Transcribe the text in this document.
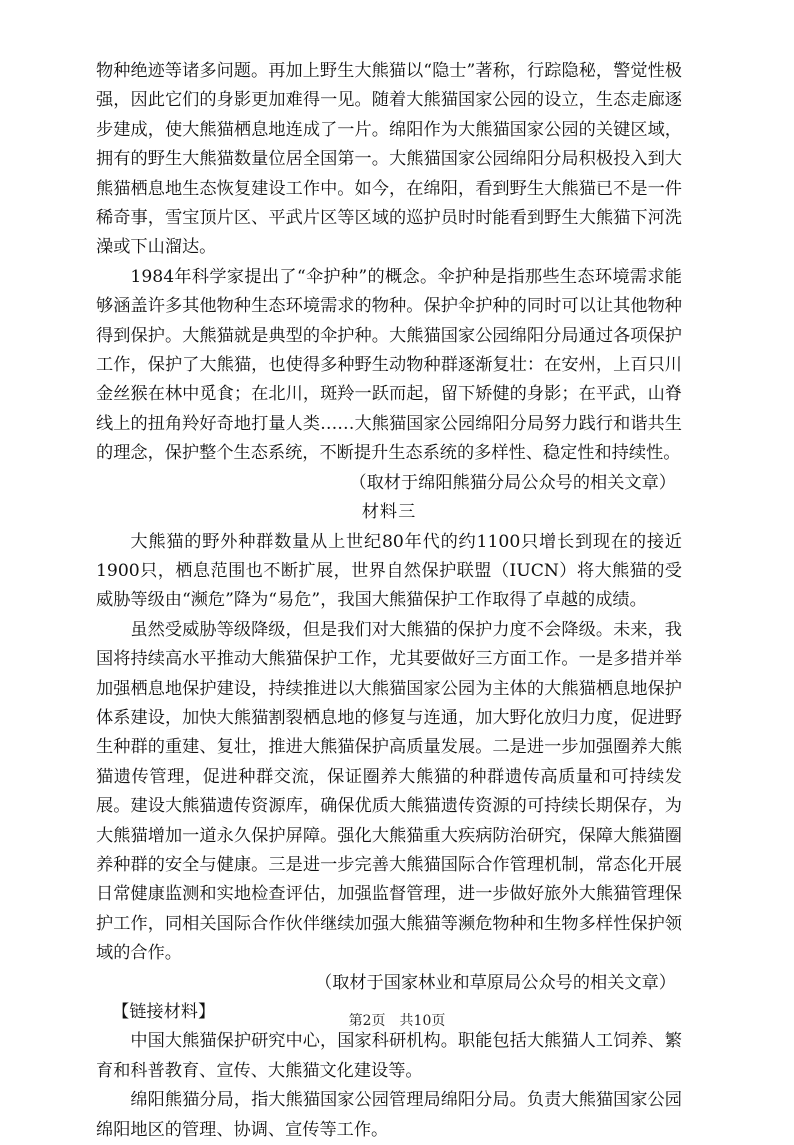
物种绝迹等诸多问题。再加上野生大熊猫以“隐士”著称，行踪隐秘，警觉性极强，因此它们的身影更加难得一见。随着大熊猫国家公园的设立，生态走廊逐步建成，使大熊猫栖息地连成了一片。绵阳作为大熊猫国家公园的关键区域，拥有的野生大熊猫数量位居全国第一。大熊猫国家公园绵阳分局积极投入到大熊猫栖息地生态恢复建设工作中。如今，在绵阳，看到野生大熊猫已不是一件稀奇事，雪宝顶片区、平武片区等区域的巡护员时时能看到野生大熊猫下河洗澡或下山溜达。

1984年科学家提出了“伞护种”的概念。伞护种是指那些生态环境需求能够涵盖许多其他物种生态环境需求的物种。保护伞护种的同时可以让其他物种得到保护。大熊猫就是典型的伞护种。大熊猫国家公园绵阳分局通过各项保护工作，保护了大熊猫，也使得多种野生动物种群逐渐复壮：在安州，上百只川金丝猴在林中觅食；在北川，斑羚一跃而起，留下矫健的身影；在平武，山脊线上的扭角羚好奇地打量人类……大熊猫国家公园绵阳分局努力践行和谐共生的理念，保护整个生态系统，不断提升生态系统的多样性、稳定性和持续性。

（取材于绵阳熊猫分局公众号的相关文章）

材料三

大熊猫的野外种群数量从上世纪80年代的约1100只增长到现在的接近1900只，栖息范围也不断扩展，世界自然保护联盟（IUCN）将大熊猫的受威胁等级由“濒危”降为“易危”，我国大熊猫保护工作取得了卓越的成绩。

虽然受威胁等级降级，但是我们对大熊猫的保护力度不会降级。未来，我国将持续高水平推动大熊猫保护工作，尤其要做好三方面工作。一是多措并举加强栖息地保护建设，持续推进以大熊猫国家公园为主体的大熊猫栖息地保护体系建设，加快大熊猫割裂栖息地的修复与连通，加大野化放归力度，促进野生种群的重建、复壮，推进大熊猫保护高质量发展。二是进一步加强圈养大熊猫遗传管理，促进种群交流，保证圈养大熊猫的种群遗传高质量和可持续发展。建设大熊猫遗传资源库，确保优质大熊猫遗传资源的可持续长期保存，为大熊猫增加一道永久保护屏障。强化大熊猫重大疾病防治研究，保障大熊猫圈养种群的安全与健康。三是进一步完善大熊猫国际合作管理机制，常态化开展日常健康监测和实地检查评估，加强监督管理，进一步做好旅外大熊猫管理保护工作，同相关国际合作伙伴继续加强大熊猫等濒危物种和生物多样性保护领域的合作。

（取材于国家林业和草原局公众号的相关文章）

【链接材料】

中国大熊猫保护研究中心，国家科研机构。职能包括大熊猫人工饲养、繁育和科普教育、宣传、大熊猫文化建设等。

绵阳熊猫分局，指大熊猫国家公园管理局绵阳分局。负责大熊猫国家公园绵阳地区的管理、协调、宣传等工作。

第2页　共10页
